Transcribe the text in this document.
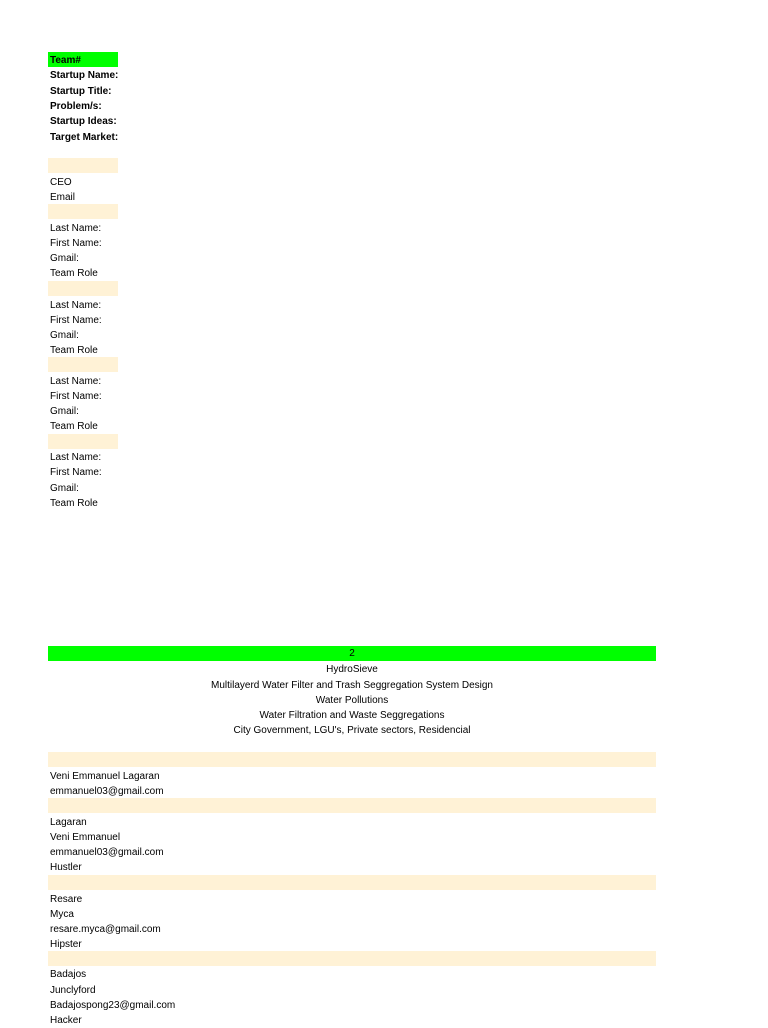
Team#
Startup Name:
Startup Title:
Problem/s:
Startup Ideas:
Target Market:
CEO
Email
Last Name:
First Name:
Gmail:
Team Role
Last Name:
First Name:
Gmail:
Team Role
Last Name:
First Name:
Gmail:
Team Role
Last Name:
First Name:
Gmail:
Team Role
2
HydroSieve
Multilayerd Water Filter and Trash Seggregation System Design
Water Pollutions
Water Filtration and Waste Seggregations
City Government, LGU's, Private sectors, Residencial
Veni Emmanuel Lagaran
emmanuel03@gmail.com
Lagaran
Veni Emmanuel
emmanuel03@gmail.com
Hustler
Resare
Myca
resare.myca@gmail.com
Hipster
Badajos
Junclyford
Badajospong23@gmail.com
Hacker
